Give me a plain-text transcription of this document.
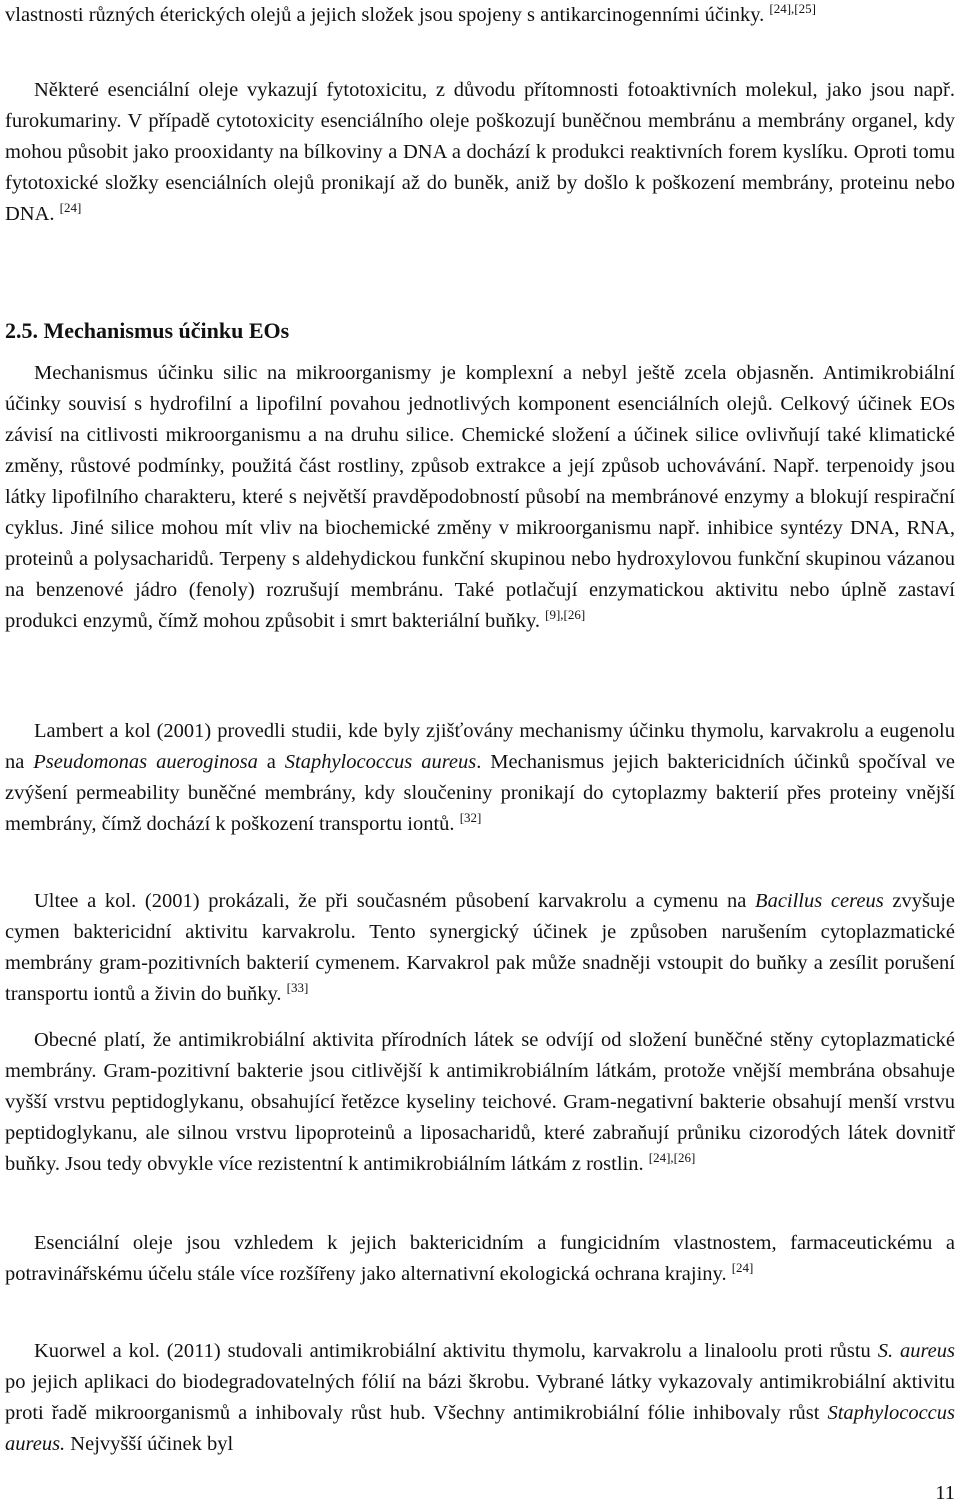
vlastnosti různých éterických olejů a jejich složek jsou spojeny s antikarcinogenními účinky. [24],[25]

Některé esenciální oleje vykazují fytotoxicitu, z důvodu přítomnosti fotoaktivních molekul, jako jsou např. furokumariny. V případě cytotoxicity esenciálního oleje poškozují buněčnou membránu a membrány organel, kdy mohou působit jako prooxidanty na bílkoviny a DNA a dochází k produkci reaktivních forem kyslíku. Oproti tomu fytotoxické složky esenciálních olejů pronikají až do buněk, aniž by došlo k poškození membrány, proteinu nebo DNA. [24]

2.5. Mechanismus účinku EOs

Mechanismus účinku silic na mikroorganismy je komplexní a nebyl ještě zcela objasněn. Antimikrobiální účinky souvisí s hydrofilní a lipofilní povahou jednotlivých komponent esenciálních olejů. Celkový účinek EOs závisí na citlivosti mikroorganismu a na druhu silice. Chemické složení a účinek silice ovlivňují také klimatické změny, růstové podmínky, použitá část rostliny, způsob extrakce a její způsob uchovávání. Např. terpenoidy jsou látky lipofilního charakteru, které s největší pravděpodobností působí na membránové enzymy a blokují respirační cyklus. Jiné silice mohou mít vliv na biochemické změny v mikroorganismu např. inhibice syntézy DNA, RNA, proteinů a polysacharidů. Terpeny s aldehydickou funkční skupinou nebo hydroxylovou funkční skupinou vázanou na benzenové jádro (fenoly) rozrušují membránu. Také potlačují enzymatickou aktivitu nebo úplně zastaví produkci enzymů, čímž mohou způsobit i smrt bakteriální buňky. [9],[26]

Lambert a kol (2001) provedli studii, kde byly zjišťovány mechanismy účinku thymolu, karvakrolu a eugenolu na Pseudomonas aueroginosa a Staphylococcus aureus. Mechanismus jejich baktericidních účinků spočíval ve zvýšení permeability buněčné membrány, kdy sloučeniny pronikají do cytoplazmy bakterií přes proteiny vnější membrány, čímž dochází k poškození transportu iontů. [32]

Ultee a kol. (2001) prokázali, že při současném působení karvakrolu a cymenu na Bacillus cereus zvyšuje cymen baktericidní aktivitu karvakrolu. Tento synergický účinek je způsoben narušením cytoplazmatické membrány gram-pozitivních bakterií cymenem. Karvakrol pak může snadněji vstoupit do buňky a zesílit porušení transportu iontů a živin do buňky. [33]

Obecné platí, že antimikrobiální aktivita přírodních látek se odvíjí od složení buněčné stěny cytoplazmatické membrány. Gram-pozitivní bakterie jsou citlivější k antimikrobiálním látkám, protože vnější membrána obsahuje vyšší vrstvu peptidoglykanu, obsahující řetězce kyseliny teichové. Gram-negativní bakterie obsahují menší vrstvu peptidoglykanu, ale silnou vrstvu lipoproteinů a liposacharidů, které zabraňují průniku cizorodých látek dovnitř buňky. Jsou tedy obvykle více rezistentní k antimikrobiálním látkám z rostlin. [24],[26]

Esenciální oleje jsou vzhledem k jejich baktericidním a fungicidním vlastnostem, farmaceutickému a potravinářskému účelu stále více rozšířeny jako alternativní ekologická ochrana krajiny. [24]

Kuorwel a kol. (2011) studovali antimikrobiální aktivitu thymolu, karvakrolu a linaloolu proti růstu S. aureus po jejich aplikaci do biodegradovatelných fólií na bázi škrobu. Vybrané látky vykazovaly antimikrobiální aktivitu proti řadě mikroorganismů a inhibovaly růst hub. Všechny antimikrobiální fólie inhibovaly růst Staphylococcus aureus. Nejvyšší účinek byl

11
